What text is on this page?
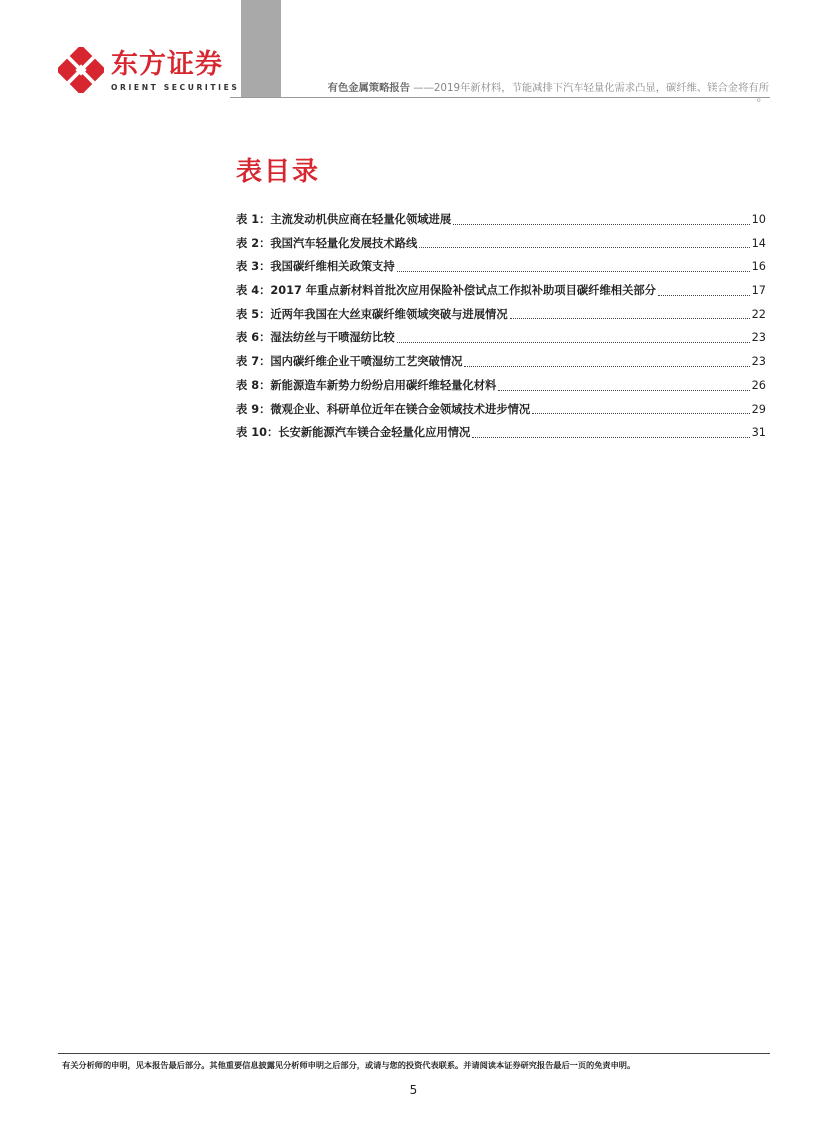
东方证券
ORIENT SECURITIES	有色金属策略报告 ——2019年新材料，节能减排下汽车轻量化需求凸显，碳纤维、镁合金将有所
o
表目录
表 1：主流发动机供应商在轻量化领域进展	10
表 2：我国汽车轻量化发展技术路线	14
表 3：我国碳纤维相关政策支持	16
表 4：2017 年重点新材料首批次应用保险补偿试点工作拟补助项目碳纤维相关部分	17
表 5：近两年我国在大丝束碳纤维领域突破与进展情况	22
表 6：湿法纺丝与干喷湿纺比较	23
表 7：国内碳纤维企业干喷湿纺工艺突破情况	23
表 8：新能源造车新势力纷纷启用碳纤维轻量化材料	26
表 9：微观企业、科研单位近年在镁合金领域技术进步情况	29
表 10：长安新能源汽车镁合金轻量化应用情况	31
有关分析师的申明，见本报告最后部分。其他重要信息披露见分析师申明之后部分，或请与您的投资代表联系。并请阅读本证券研究报告最后一页的免责申明。
5
